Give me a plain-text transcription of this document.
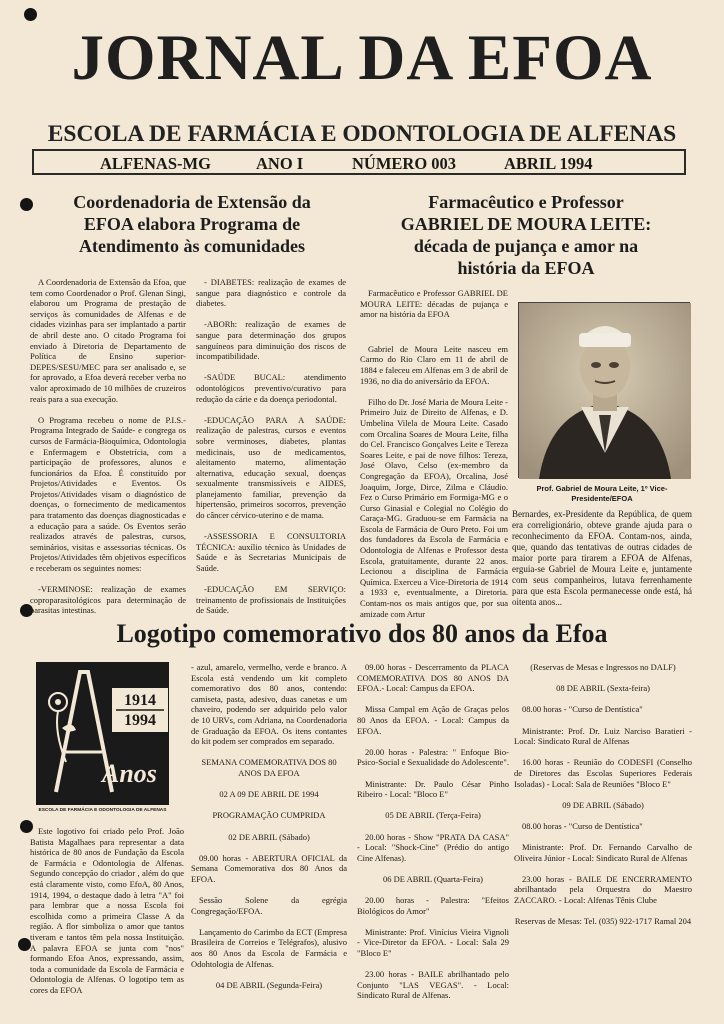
JORNAL DA EFOA
ESCOLA DE FARMÁCIA E ODONTOLOGIA DE ALFENAS
ALFENAS-MG	ANO I	NÚMERO 003	ABRIL 1994
Coordenadoria de Extensão da
EFOA elabora Programa de
Atendimento às comunidades

A Coordenadoria de Extensão da Efoa, que tem como Coordenador o Prof. Glenan Singi, elaborou um Programa de prestação de serviços às comunidades de Alfenas e de cidades vizinhas para ser implantado a partir de abril deste ano. O citado Programa foi enviado à Diretoria de Departamento de Política de Ensino superior-DEPES/SESU/MEC para ser analisado e, se for aprovado, a Efoa deverá receber verba no valor aproximado de 10 milhões de cruzeiros reais para a sua execução.

O Programa recebeu o nome de P.I.S.-Programa Integrado de Saúde- e congrega os cursos de Farmácia-Bioquímica, Odontologia e Enfermagem e Obstetrícia, com a participação de professores, alunos e funcionários da Efoa. É constituído por Projetos/Atividades e Eventos. Os Projetos/Atividades visam o diagnóstico de doenças, o fornecimento de medicamentos para tratamento das doenças diagnosticadas e a educação para a saúde. Os Eventos serão realizados através de palestras, cursos, seminários, visitas e assessorias técnicas. Os Projetos/Atividades têm objetivos específicos e receberam os seguintes nomes:

-VERMINOSE: realização de exames coproparasitológicos para determinação de parasitas intestinas.

- DIABETES: realização de exames de sangue para diagnóstico e controle da diabetes.

-ABORh: realização de exames de sangue para determinação dos grupos sanguíneos para diminuição dos riscos de incompatibilidade.

-SAÚDE BUCAL: atendimento odontológicos preventivo/curativo para redução da cárie e da doença periodontal.

-EDUCAÇÃO PARA A SAÚDE: realização de palestras, cursos e eventos sobre verminoses, diabetes, plantas medicinais, uso de medicamentos, aleitamento materno, alimentação alternativa, educação sexual, doenças sexualmente transmissíveis e AIDES, planejamento familiar, prevenção da hipertensão, primeiros socorros, prevenção do câncer cérvico-uterino e de mama.

-ASSESSORIA E CONSULTORIA TÉCNICA: auxílio técnico às Unidades de Saúde e às Secretarias Municipais de Saúde.

-EDUCAÇÃO EM SERVIÇO: treinamento de profissionais de Instituições de Saúde.

Farmacêutico e Professor
GABRIEL DE MOURA LEITE:
década de pujança e amor na
história da EFOA

Farmacêutico e Professor GABRIEL DE MOURA LEITE: décadas de pujança e amor na história da EFOA

Gabriel de Moura Leite nasceu em Carmo do Rio Claro em 11 de abril de 1884 e faleceu em Alfenas em 3 de abril de 1936, no dia do aniversário da EFOA.

Filho do Dr. José Maria de Moura Leite - Primeiro Juiz de Direito de Alfenas, e D. Umbelina Vilela de Moura Leite. Casado com Orcalina Soares de Moura Leite, filha do Cel. Francisco Gonçalves Leite e Tereza Soares Leite, e pai de nove filhos: Tereza, José Olavo, Celso (ex-membro da Congregação da EFOA), Orcalina, José Joaquim, Jorge, Dirce, Zilma e Cláudio. Fez o Curso Primário em Formiga-MG e o Curso Ginasial e Colegial no Colégio do Caraça-MG. Graduou-se em Farmácia na Escola de Farmácia de Ouro Preto. Foi um dos fundadores da Escola de Farmácia e Odontologia de Alfenas e Professor desta Escola, gratuitamente, durante 22 anos. Lecionou a disciplina de Farmácia Química. Exerceu a Vice-Diretoria de 1914 a 1933 e, eventualmente, a Diretoria. Contam-nos os mais antigos que, por sua amizade com Artur

Prof. Gabriel de Moura Leite, 1º Vice-Presidente/EFOA

Bernardes, ex-Presidente da República, de quem era correligionário, obteve grande ajuda para o reconhecimento da EFOA. Contam-nos, ainda, que, quando das tentativas de outras cidades de maior porte para tirarem a EFOA de Alfenas, erguia-se Gabriel de Moura Leite e, juntamente com seus companheiros, lutava ferrenhamente para que esta Escola permanecesse onde está, há oitenta anos...

Logotipo comemorativo dos 80 anos da Efoa
1914
1994
Anos
ESCOLA DE FARMÁCIA E ODONTOLOGIA DE ALFENAS

Este logotivo foi criado pelo Prof. João Batista Magalhaes para representar a data histórica de 80 anos de Fundação da Escola de Farmácia e Odontologia de Alfenas. Segundo concepção do criador , além do que está claramente visto, como EfoA, 80 Anos, 1914, 1994, o destaque dado à letra "A" foi para lembrar que a nossa Escola foi escolhida como a primeira Classe A da região. A flor simboliza o amor que tantos tiveram e tantos têm pela nossa Instituição. A palavra EFOA se junta com "nos" formando Efoa Anos, expressando, assim, toda a comunidade da Escola de Farmácia e Odontologia de Alfenas. O logotipo tem as cores da EFOA

- azul, amarelo, vermelho, verde e branco. A Escola está vendendo um kit completo comemorativo dos 80 anos, contendo: camiseta, pasta, adesivo, duas canetas e um chaveiro, podendo ser adquirido pelo valor de 10 URVs, com Adriana, na Coordenadoria de Graduação da EFOA. Os itens contantes do kit podem ser comprados em separado.

SEMANA COMEMORATIVA DOS 80 ANOS DA EFOA

02 A 09 DE ABRIL DE 1994

PROGRAMAÇÃO CUMPRIDA

02 DE ABRIL (Sábado)

09.00 horas - ABERTURA OFICIAL da Semana Comemorativa dos 80 Anos da EFOA.

Sessão Solene da egrégia Congregação/EFOA.

Lançamento do Carimbo da ECT (Empresa Brasileira de Correios e Telégrafos), alusivo aos 80 Anos da Escola de Farmácia e Odohtologia de Alfenas.

04 DE ABRIL (Segunda-Feira)

09.00 horas - Descerramento da PLACA COMEMORATIVA DOS 80 ANOS DA EFOA.- Local: Campus da EFOA.

Missa Campal em Ação de Graças pelos 80 Anos da EFOA. - Local: Campus da EFOA.

20.00 horas - Palestra: " Enfoque Bio-Psico-Social e Sexualidade do Adolescente".

Ministrante: Dr. Paulo César Pinho Ribeiro - Local: "Bloco E"

05 DE ABRIL (Terça-Feira)

20.00 horas - Show "PRATA DA CASA" - Local: "Shock-Cine" (Prédio do antigo Cine Alfenas).

06 DE ABRIL (Quarta-Feira)

20.00 horas - Palestra: "Efeitos Biológicos do Amor"

Ministrante: Prof. Vinícius Vieira Vignoli - Vice-Diretor da EFOA. - Local: Sala 29 "Bloco E"

23.00 horas - BAILE abrilhantado pelo Conjunto "LAS VEGAS". - Local: Sindicato Rural de Alfenas.

(Reservas de Mesas e Ingressos no DALF)

08 DE ABRIL (Sexta-feira)

08.00 horas - "Curso de Dentística"

Ministrante: Prof. Dr. Luiz Narciso Baratieri - Local: Sindicato Rural de Alfenas

16.00 horas - Reunião do CODESFI (Conselho de Diretores das Escolas Superiores Federais Isoladas) - Local: Sala de Reuniões "Bloco E"

09 DE ABRIL (Sábado)

08.00 horas - "Curso de Dentística"

Ministrante: Prof. Dr. Fernando Carvalho de Oliveira Júnior - Local: Sindicato Rural de Alfenas

23.00 horas - BAILE DE ENCERRAMENTO abrilhantado pela Orquestra do Maestro ZACCARO. - Local: Alfenas Tênis Clube

Reservas de Mesas: Tel. (035) 922-1717 Ramal 204
